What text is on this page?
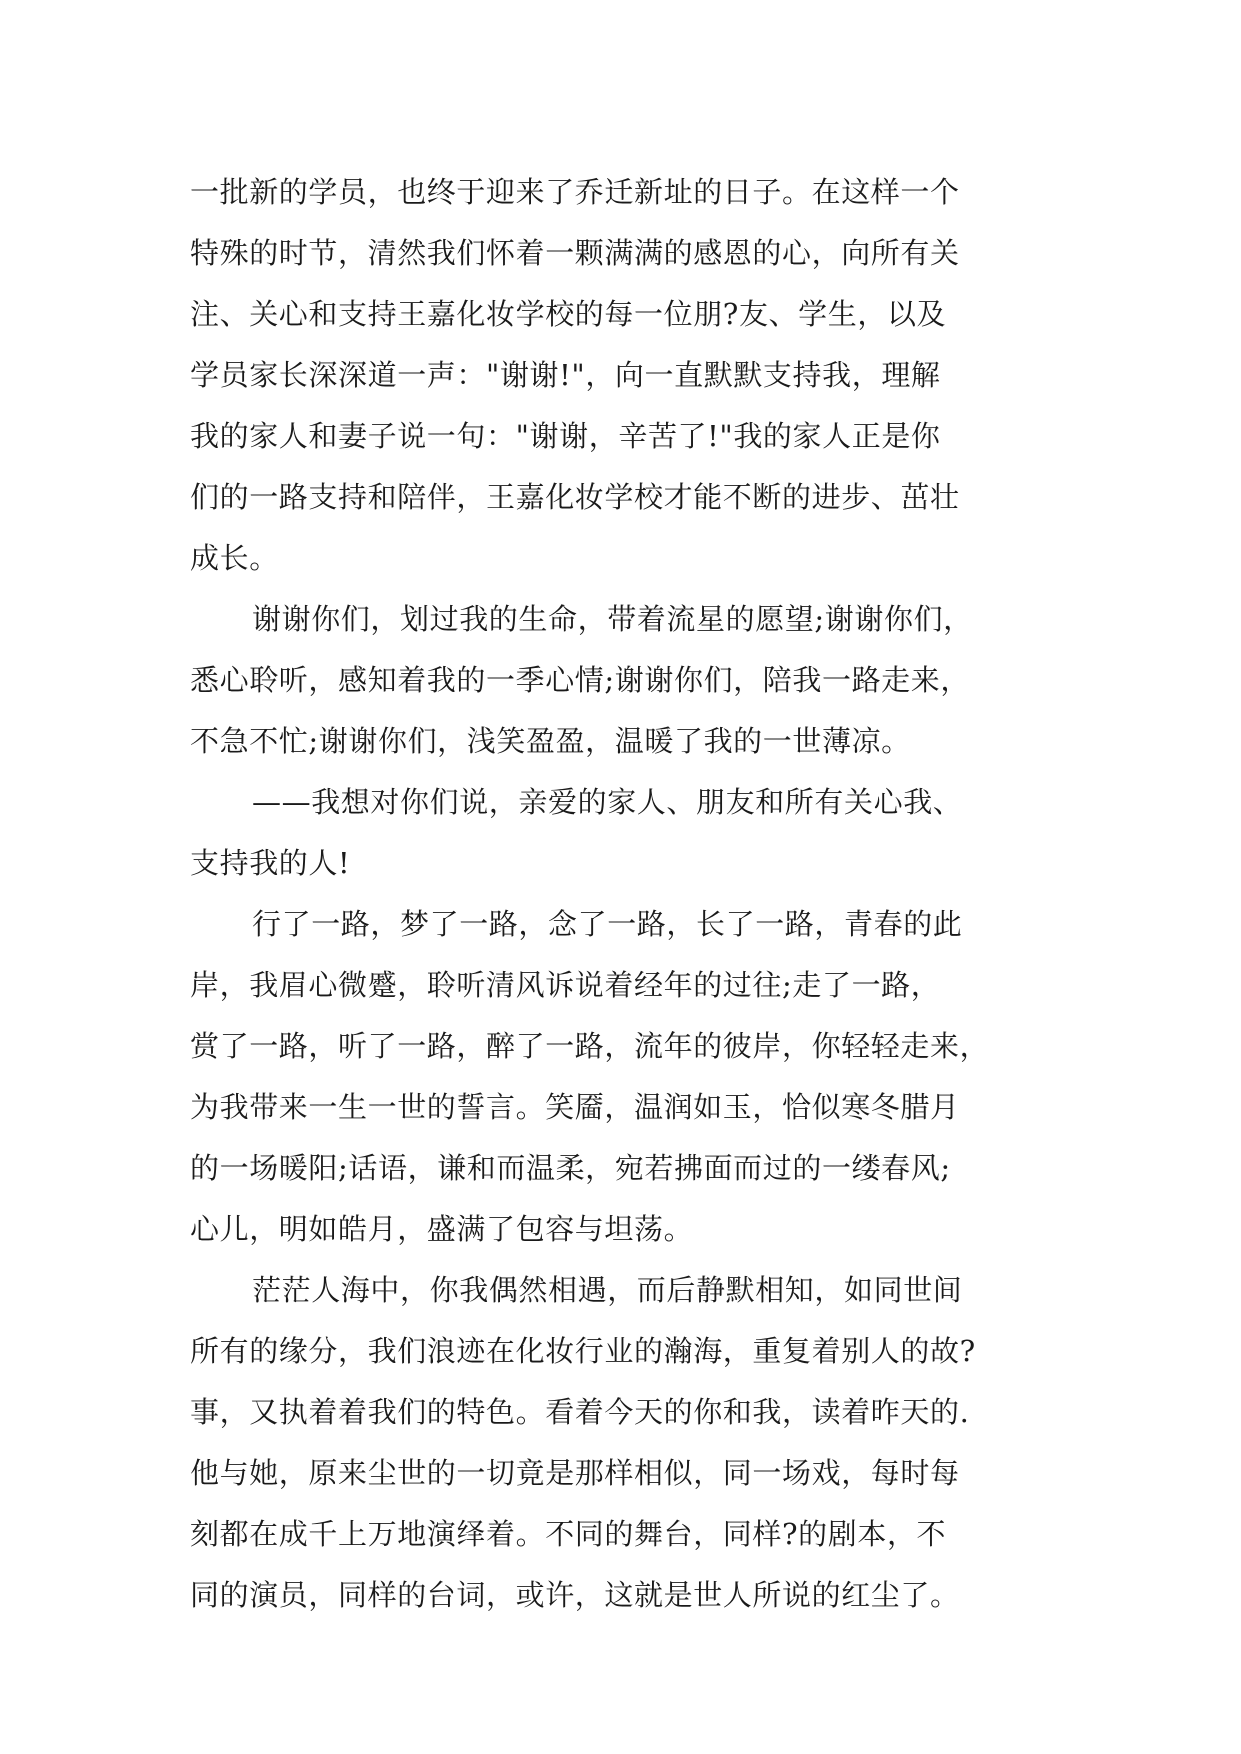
一批新的学员，也终于迎来了乔迁新址的日子。在这样一个
特殊的时节，清然我们怀着一颗满满的感恩的心，向所有关
注、关心和支持王嘉化妆学校的每一位朋?友、学生，以及
学员家长深深道一声："谢谢!"，向一直默默支持我，理解
我的家人和妻子说一句："谢谢，辛苦了!"我的家人正是你
们的一路支持和陪伴，王嘉化妆学校才能不断的进步、茁壮
成长。
谢谢你们，划过我的生命，带着流星的愿望;谢谢你们，
悉心聆听，感知着我的一季心情;谢谢你们，陪我一路走来，
不急不忙;谢谢你们，浅笑盈盈，温暖了我的一世薄凉。
——我想对你们说，亲爱的家人、朋友和所有关心我、
支持我的人!
行了一路，梦了一路，念了一路，长了一路，青春的此
岸，我眉心微蹙，聆听清风诉说着经年的过往;走了一路，
赏了一路，听了一路，醉了一路，流年的彼岸，你轻轻走来，
为我带来一生一世的誓言。笑靥，温润如玉，恰似寒冬腊月
的一场暖阳;话语，谦和而温柔，宛若拂面而过的一缕春风;
心儿，明如皓月，盛满了包容与坦荡。
茫茫人海中，你我偶然相遇，而后静默相知，如同世间
所有的缘分，我们浪迹在化妆行业的瀚海，重复着别人的故?
事，又执着着我们的特色。看着今天的你和我，读着昨天的.
他与她，原来尘世的一切竟是那样相似，同一场戏，每时每
刻都在成千上万地演绎着。不同的舞台，同样?的剧本，不
同的演员，同样的台词，或许，这就是世人所说的红尘了。
